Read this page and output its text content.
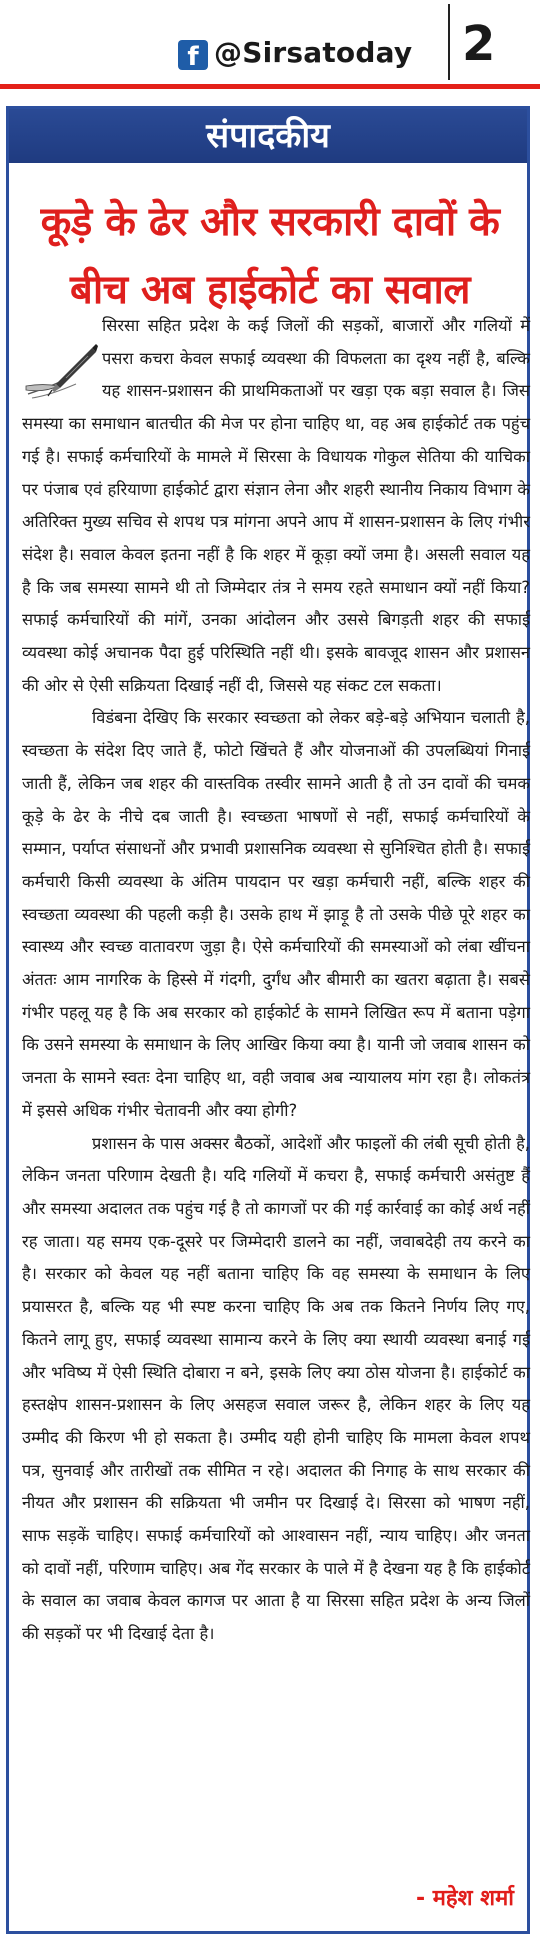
f @Sirsatoday 2
संपादकीय
कूड़े के ढेर और सरकारी दावों के
बीच अब हाईकोर्ट का सवाल

सिरसा सहित प्रदेश के कई जिलों की सड़कों, बाजारों और गलियों में पसरा कचरा केवल सफाई व्यवस्था की विफलता का दृश्य नहीं है, बल्कि यह शासन-प्रशासन की प्राथमिकताओं पर खड़ा एक बड़ा सवाल है। जिस समस्या का समाधान बातचीत की मेज पर होना चाहिए था, वह अब हाईकोर्ट तक पहुंच गई है। सफाई कर्मचारियों के मामले में सिरसा के विधायक गोकुल सेतिया की याचिका पर पंजाब एवं हरियाणा हाईकोर्ट द्वारा संज्ञान लेना और शहरी स्थानीय निकाय विभाग के अतिरिक्त मुख्य सचिव से शपथ पत्र मांगना अपने आप में शासन-प्रशासन के लिए गंभीर संदेश है। सवाल केवल इतना नहीं है कि शहर में कूड़ा क्यों जमा है। असली सवाल यह है कि जब समस्या सामने थी तो जिम्मेदार तंत्र ने समय रहते समाधान क्यों नहीं किया? सफाई कर्मचारियों की मांगें, उनका आंदोलन और उससे बिगड़ती शहर की सफाई व्यवस्था कोई अचानक पैदा हुई परिस्थिति नहीं थी। इसके बावजूद शासन और प्रशासन की ओर से ऐसी सक्रियता दिखाई नहीं दी, जिससे यह संकट टल सकता।

विडंबना देखिए कि सरकार स्वच्छता को लेकर बड़े-बड़े अभियान चलाती है, स्वच्छता के संदेश दिए जाते हैं, फोटो खिंचते हैं और योजनाओं की उपलब्धियां गिनाई जाती हैं, लेकिन जब शहर की वास्तविक तस्वीर सामने आती है तो उन दावों की चमक कूड़े के ढेर के नीचे दब जाती है। स्वच्छता भाषणों से नहीं, सफाई कर्मचारियों के सम्मान, पर्याप्त संसाधनों और प्रभावी प्रशासनिक व्यवस्था से सुनिश्चित होती है। सफाई कर्मचारी किसी व्यवस्था के अंतिम पायदान पर खड़ा कर्मचारी नहीं, बल्कि शहर की स्वच्छता व्यवस्था की पहली कड़ी है। उसके हाथ में झाड़ू है तो उसके पीछे पूरे शहर का स्वास्थ्य और स्वच्छ वातावरण जुड़ा है। ऐसे कर्मचारियों की समस्याओं को लंबा खींचना अंततः आम नागरिक के हिस्से में गंदगी, दुर्गंध और बीमारी का खतरा बढ़ाता है। सबसे गंभीर पहलू यह है कि अब सरकार को हाईकोर्ट के सामने लिखित रूप में बताना पड़ेगा कि उसने समस्या के समाधान के लिए आखिर किया क्या है। यानी जो जवाब शासन को जनता के सामने स्वतः देना चाहिए था, वही जवाब अब न्यायालय मांग रहा है। लोकतंत्र में इससे अधिक गंभीर चेतावनी और क्या होगी?

प्रशासन के पास अक्सर बैठकों, आदेशों और फाइलों की लंबी सूची होती है, लेकिन जनता परिणाम देखती है। यदि गलियों में कचरा है, सफाई कर्मचारी असंतुष्ट हैं और समस्या अदालत तक पहुंच गई है तो कागजों पर की गई कार्रवाई का कोई अर्थ नहीं रह जाता। यह समय एक-दूसरे पर जिम्मेदारी डालने का नहीं, जवाबदेही तय करने का है। सरकार को केवल यह नहीं बताना चाहिए कि वह समस्या के समाधान के लिए प्रयासरत है, बल्कि यह भी स्पष्ट करना चाहिए कि अब तक कितने निर्णय लिए गए, कितने लागू हुए, सफाई व्यवस्था सामान्य करने के लिए क्या स्थायी व्यवस्था बनाई गई और भविष्य में ऐसी स्थिति दोबारा न बने, इसके लिए क्या ठोस योजना है। हाईकोर्ट का हस्तक्षेप शासन-प्रशासन के लिए असहज सवाल जरूर है, लेकिन शहर के लिए यह उम्मीद की किरण भी हो सकता है। उम्मीद यही होनी चाहिए कि मामला केवल शपथ पत्र, सुनवाई और तारीखों तक सीमित न रहे। अदालत की निगाह के साथ सरकार की नीयत और प्रशासन की सक्रियता भी जमीन पर दिखाई दे। सिरसा को भाषण नहीं, साफ सड़कें चाहिए। सफाई कर्मचारियों को आश्वासन नहीं, न्याय चाहिए। और जनता को दावों नहीं, परिणाम चाहिए। अब गेंद सरकार के पाले में है देखना यह है कि हाईकोर्ट के सवाल का जवाब केवल कागज पर आता है या सिरसा सहित प्रदेश के अन्य जिलों की सड़कों पर भी दिखाई देता है।

- महेश शर्मा
